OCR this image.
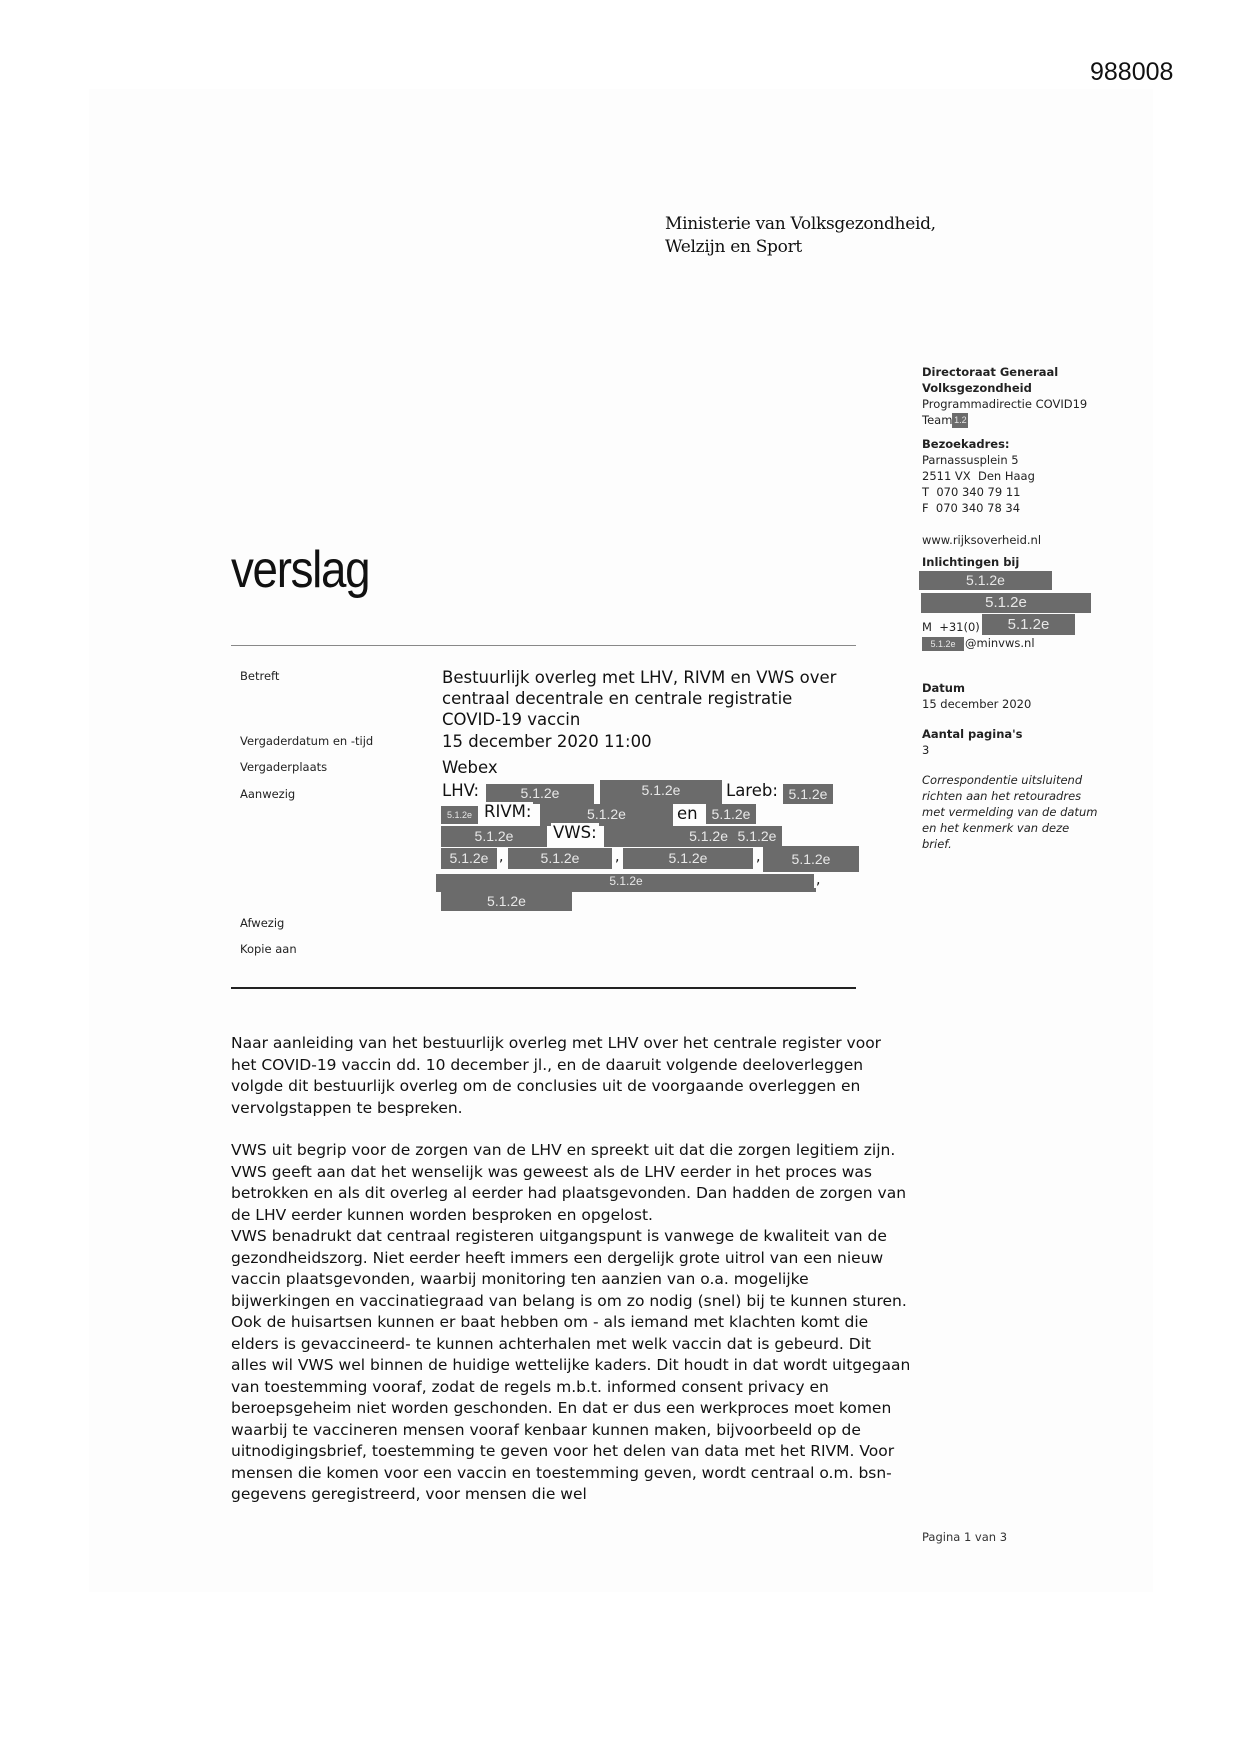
988008
Ministerie van Volksgezondheid,
Welzijn en Sport
Directoraat Generaal
Volksgezondheid
Programmadirectie COVID19
Team 1.2
Bezoekadres:
Parnassusplein 5
2511 VX  Den Haag
T  070 340 79 11
F  070 340 78 34
www.rijksoverheid.nl
Inlichtingen bij
5.1.2e
5.1.2e
M  +31(0)	5.1.2e
5.1.2e @minvws.nl
Datum
15 december 2020
Aantal pagina's
3
Correspondentie uitsluitend richten aan het retouradres met vermelding van de datum en het kenmerk van deze brief.
verslag
Betreft	Bestuurlijk overleg met LHV, RIVM en VWS over centraal decentrale en centrale registratie COVID-19 vaccin
Vergaderdatum en -tijd	15 december 2020 11:00
Vergaderplaats	Webex
Aanwezig	LHV:	5.1.2e	5.1.2e	Lareb: 5.1.2e
5.1.2e RIVM:	5.1.2e	en 5.1.2e
5.1.2e	VWS:	5.1.2e 5.1.2e
5.1.2e ,	5.1.2e	,	5.1.2e	,	5.1.2e
5.1.2e	,
5.1.2e
Afwezig
Kopie aan

Naar aanleiding van het bestuurlijk overleg met LHV over het centrale register voor het COVID-19 vaccin dd. 10 december jl., en de daaruit volgende deeloverleggen volgde dit bestuurlijk overleg om de conclusies uit de voorgaande overleggen en vervolgstappen te bespreken.

VWS uit begrip voor de zorgen van de LHV en spreekt uit dat die zorgen legitiem zijn. VWS geeft aan dat het wenselijk was geweest als de LHV eerder in het proces was betrokken en als dit overleg al eerder had plaatsgevonden. Dan hadden de zorgen van de LHV eerder kunnen worden besproken en opgelost.

VWS benadrukt dat centraal registeren uitgangspunt is vanwege de kwaliteit van de gezondheidszorg. Niet eerder heeft immers een dergelijk grote uitrol van een nieuw vaccin plaatsgevonden, waarbij monitoring ten aanzien van o.a. mogelijke bijwerkingen en vaccinatiegraad van belang is om zo nodig (snel) bij te kunnen sturen. Ook de huisartsen kunnen er baat hebben om - als iemand met klachten komt die elders is gevaccineerd- te kunnen achterhalen met welk vaccin dat is gebeurd. Dit alles wil VWS wel binnen de huidige wettelijke kaders. Dit houdt in dat wordt uitgegaan van toestemming vooraf, zodat de regels m.b.t. informed consent privacy en beroepsgeheim niet worden geschonden. En dat er dus een werkproces moet komen waarbij te vaccineren mensen vooraf kenbaar kunnen maken, bijvoorbeeld op de uitnodigingsbrief, toestemming te geven voor het delen van data met het RIVM. Voor mensen die komen voor een vaccin en toestemming geven, wordt centraal o.m. bsn-gegevens geregistreerd, voor mensen die wel

Pagina 1 van 3
